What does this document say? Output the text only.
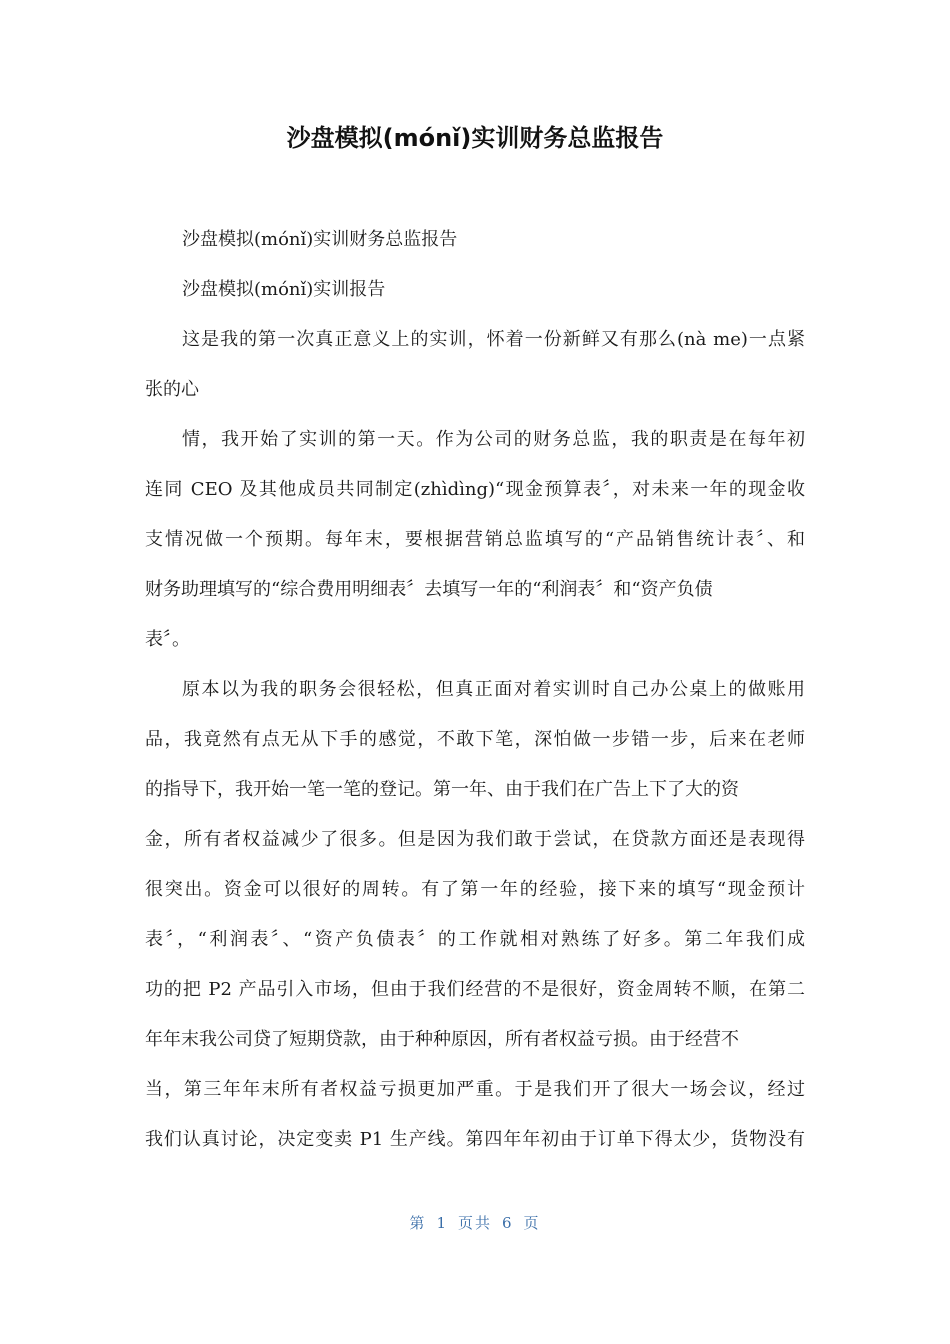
沙盘模拟(mónǐ)实训财务总监报告
沙盘模拟(mónǐ)实训财务总监报告
沙盘模拟(mónǐ)实训报告
这是我的第一次真正意义上的实训，怀着一份新鲜又有那么(nà me)一点紧
张的心
情，我开始了实训的第一天。作为公司的财务总监，我的职责是在每年初
连同 CEO 及其他成员共同制定(zhìdìng)“现金预算表〞，对未来一年的现金收
支情况做一个预期。每年末，要根据营销总监填写的“产品销售统计表〞、和
财务助理填写的“综合费用明细表〞去填写一年的“利润表〞和“资产负债
表〞。
原本以为我的职务会很轻松，但真正面对着实训时自己办公桌上的做账用
品，我竟然有点无从下手的感觉，不敢下笔，深怕做一步错一步，后来在老师
的指导下，我开始一笔一笔的登记。第一年、由于我们在广告上下了大的资
金，所有者权益减少了很多。但是因为我们敢于尝试，在贷款方面还是表现得
很突出。资金可以很好的周转。有了第一年的经验，接下来的填写“现金预计
表〞，“利润表〞、“资产负债表〞的工作就相对熟练了好多。第二年我们成
功的把 P2 产品引入市场，但由于我们经营的不是很好，资金周转不顺，在第二
年年末我公司贷了短期贷款，由于种种原因，所有者权益亏损。由于经营不
当，第三年年末所有者权益亏损更加严重。于是我们开了很大一场会议，经过
我们认真讨论，决定变卖 P1 生产线。第四年年初由于订单下得太少，货物没有
第 1 页共 6 页
